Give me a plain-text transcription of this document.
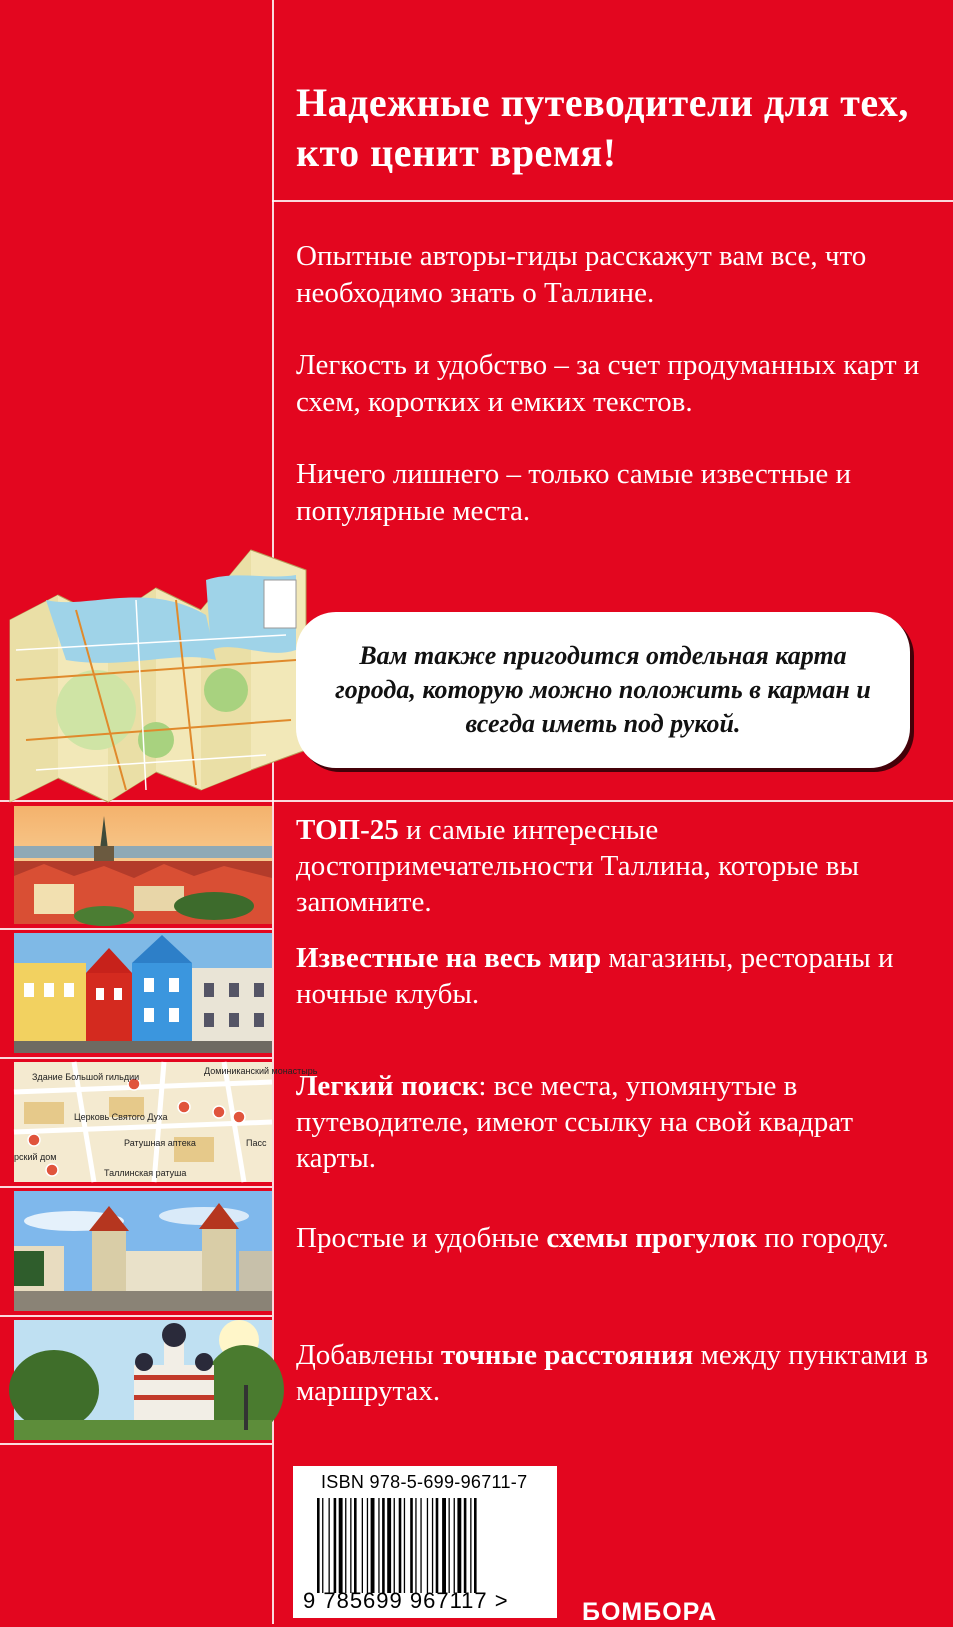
Надежные путеводители для тех, кто ценит время!

Опытные авторы-гиды расскажут вам все, что необходимо знать о Таллине.

Легкость и удобство – за счет продуманных карт и схем, коротких и емких текстов.

Ничего лишнего – только самые известные и популярные места.

Вам также пригодится отдельная карта города, которую можно положить в карман и всегда иметь под рукой.
Здание Большой гильдии
Церковь Святого Духа
Доминиканский монастырь
Ратушная аптека
Таллинская ратуша
Пасс
рский дом
ТОП-25 и самые интересные достопримечательности Таллина, которые вы запомните.
Известные на весь мир магазины, рестораны и ночные клубы.
Легкий поиск: все места, упомянутые в путеводителе, имеют ссылку на свой квадрат карты.
Простые и удобные схемы прогулок по городу.
Добавлены точные расстояния между пунктами в маршрутах.
ISBN 978-5-699-96711-7
9 785699 967117 >	БОМБОРА
